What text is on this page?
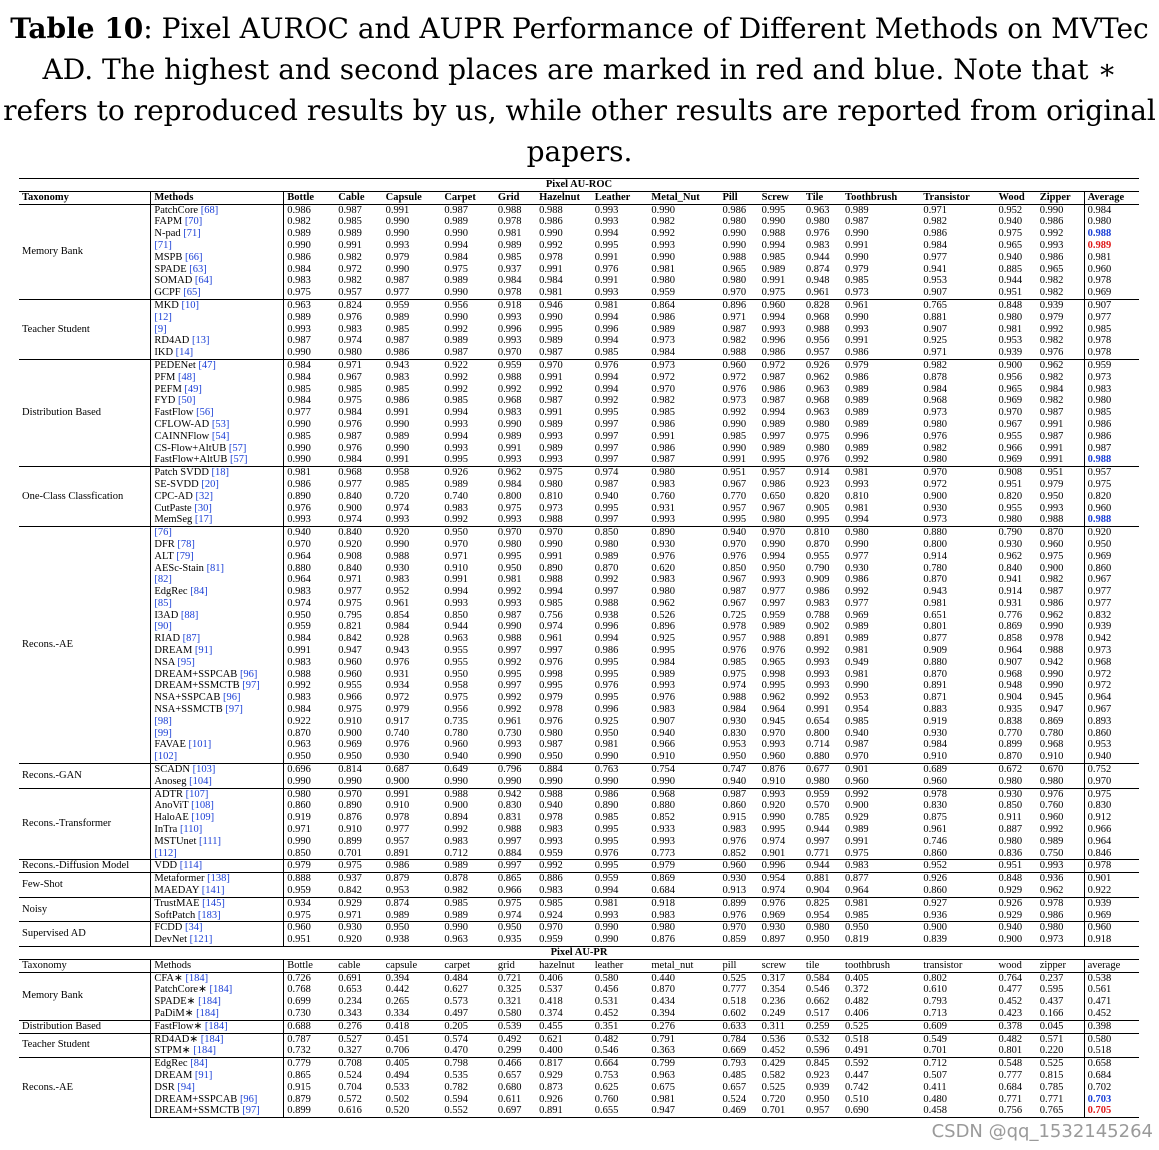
Table 10: Pixel AUROC and AUPR Performance of Different Methods on MVTec AD. The highest and second places are marked in red and blue. Note that ∗ refers to reproduced results by us, while other results are reported from original papers.
Pixel AU-ROC																	
Taxonomy	Methods	Bottle	Cable	Capsule	Carpet	Grid	Hazelnut	Leather	Metal_Nut	Pill	Screw	Tile	Toothbrush	Transistor	Wood	Zipper	Average
Memory Bank	PatchCore [68]	0.986	0.987	0.991	0.987	0.988	0.988	0.993	0.990	0.986	0.995	0.963	0.989	0.971	0.952	0.990	0.984
	FAPM [70]	0.982	0.985	0.990	0.989	0.978	0.986	0.993	0.982	0.980	0.990	0.980	0.987	0.982	0.940	0.986	0.980
	N-pad [71]	0.989	0.989	0.990	0.990	0.981	0.990	0.994	0.992	0.990	0.988	0.976	0.990	0.986	0.975	0.992	0.988
	[71]	0.990	0.991	0.993	0.994	0.989	0.992	0.995	0.993	0.990	0.994	0.983	0.991	0.984	0.965	0.993	0.989
	MSPB [66]	0.986	0.982	0.979	0.984	0.985	0.978	0.991	0.990	0.988	0.985	0.944	0.990	0.977	0.940	0.986	0.981
	SPADE [63]	0.984	0.972	0.990	0.975	0.937	0.991	0.976	0.981	0.965	0.989	0.874	0.979	0.941	0.885	0.965	0.960
	SOMAD [64]	0.983	0.982	0.987	0.989	0.984	0.984	0.991	0.980	0.980	0.991	0.948	0.985	0.953	0.944	0.982	0.978
	GCPF [65]	0.975	0.957	0.977	0.990	0.978	0.981	0.993	0.959	0.970	0.975	0.961	0.973	0.907	0.951	0.982	0.969
Teacher Student	MKD [10]	0.963	0.824	0.959	0.956	0.918	0.946	0.981	0.864	0.896	0.960	0.828	0.961	0.765	0.848	0.939	0.907
	[12]	0.989	0.976	0.989	0.990	0.993	0.990	0.994	0.986	0.971	0.994	0.968	0.990	0.881	0.980	0.979	0.977
	[9]	0.993	0.983	0.985	0.992	0.996	0.995	0.996	0.989	0.987	0.993	0.988	0.993	0.907	0.981	0.992	0.985
	RD4AD [13]	0.987	0.974	0.987	0.989	0.993	0.989	0.994	0.973	0.982	0.996	0.956	0.991	0.925	0.953	0.982	0.978
	IKD [14]	0.990	0.980	0.986	0.987	0.970	0.987	0.985	0.984	0.988	0.986	0.957	0.986	0.971	0.939	0.976	0.978
Distribution Based	PEDENet [47]	0.984	0.971	0.943	0.922	0.959	0.970	0.976	0.973	0.960	0.972	0.926	0.979	0.982	0.900	0.962	0.959
	PFM [48]	0.984	0.967	0.983	0.992	0.988	0.991	0.994	0.972	0.972	0.987	0.962	0.986	0.878	0.956	0.982	0.973
	PEFM [49]	0.985	0.985	0.985	0.992	0.992	0.992	0.994	0.970	0.976	0.986	0.963	0.989	0.984	0.965	0.984	0.983
	FYD [50]	0.984	0.975	0.986	0.985	0.968	0.987	0.992	0.982	0.973	0.987	0.968	0.989	0.968	0.969	0.982	0.980
	FastFlow [56]	0.977	0.984	0.991	0.994	0.983	0.991	0.995	0.985	0.992	0.994	0.963	0.989	0.973	0.970	0.987	0.985
	CFLOW-AD [53]	0.990	0.976	0.990	0.993	0.990	0.989	0.997	0.986	0.990	0.989	0.980	0.989	0.980	0.967	0.991	0.986
	CAINNFlow [54]	0.985	0.987	0.989	0.994	0.989	0.993	0.997	0.991	0.985	0.997	0.975	0.996	0.976	0.955	0.987	0.986
	CS-Flow+AltUB [57]	0.990	0.976	0.990	0.993	0.991	0.989	0.997	0.986	0.990	0.989	0.980	0.989	0.982	0.966	0.991	0.987
	FastFlow+AltUB [57]	0.990	0.984	0.991	0.995	0.993	0.993	0.997	0.987	0.991	0.995	0.976	0.992	0.980	0.969	0.991	0.988
One-Class Classfication	Patch SVDD [18]	0.981	0.968	0.958	0.926	0.962	0.975	0.974	0.980	0.951	0.957	0.914	0.981	0.970	0.908	0.951	0.957
	SE-SVDD [20]	0.986	0.977	0.985	0.989	0.984	0.980	0.987	0.983	0.967	0.986	0.923	0.993	0.972	0.951	0.979	0.975
	CPC-AD [32]	0.890	0.840	0.720	0.740	0.800	0.810	0.940	0.760	0.770	0.650	0.820	0.810	0.900	0.820	0.950	0.820
	CutPaste [30]	0.976	0.900	0.974	0.983	0.975	0.973	0.995	0.931	0.957	0.967	0.905	0.981	0.930	0.955	0.993	0.960
	MemSeg [17]	0.993	0.974	0.993	0.992	0.993	0.988	0.997	0.993	0.995	0.980	0.995	0.994	0.973	0.980	0.988	0.988
Recons.-AE	[76]	0.940	0.840	0.920	0.950	0.970	0.970	0.850	0.890	0.940	0.970	0.810	0.980	0.880	0.790	0.870	0.920
	DFR [78]	0.970	0.920	0.990	0.970	0.980	0.990	0.980	0.930	0.970	0.990	0.870	0.990	0.800	0.930	0.960	0.950
	ALT [79]	0.964	0.908	0.988	0.971	0.995	0.991	0.989	0.976	0.976	0.994	0.955	0.977	0.914	0.962	0.975	0.969
	AESc-Stain [81]	0.880	0.840	0.930	0.910	0.950	0.890	0.870	0.620	0.850	0.950	0.790	0.930	0.780	0.840	0.900	0.860
	[82]	0.964	0.971	0.983	0.991	0.981	0.988	0.992	0.983	0.967	0.993	0.909	0.986	0.870	0.941	0.982	0.967
	EdgRec [84]	0.983	0.977	0.952	0.994	0.992	0.994	0.997	0.980	0.987	0.977	0.986	0.992	0.943	0.914	0.987	0.977
	[85]	0.974	0.975	0.961	0.993	0.993	0.985	0.988	0.962	0.967	0.997	0.983	0.977	0.981	0.931	0.986	0.977
	I3AD [88]	0.950	0.795	0.854	0.850	0.987	0.756	0.938	0.526	0.725	0.959	0.788	0.969	0.651	0.776	0.962	0.832
	[90]	0.959	0.821	0.984	0.944	0.990	0.974	0.996	0.896	0.978	0.989	0.902	0.989	0.801	0.869	0.990	0.939
	RIAD [87]	0.984	0.842	0.928	0.963	0.988	0.961	0.994	0.925	0.957	0.988	0.891	0.989	0.877	0.858	0.978	0.942
	DREAM [91]	0.991	0.947	0.943	0.955	0.997	0.997	0.986	0.995	0.976	0.976	0.992	0.981	0.909	0.964	0.988	0.973
	NSA [95]	0.983	0.960	0.976	0.955	0.992	0.976	0.995	0.984	0.985	0.965	0.993	0.949	0.880	0.907	0.942	0.968
	DREAM+SSPCAB [96]	0.988	0.960	0.931	0.950	0.995	0.998	0.995	0.989	0.975	0.998	0.993	0.981	0.870	0.968	0.990	0.972
	DREAM+SSMCTB [97]	0.992	0.955	0.934	0.958	0.997	0.995	0.976	0.993	0.974	0.995	0.993	0.990	0.891	0.948	0.990	0.972
	NSA+SSPCAB [96]	0.983	0.966	0.972	0.975	0.992	0.979	0.995	0.976	0.988	0.962	0.992	0.953	0.871	0.904	0.945	0.964
	NSA+SSMCTB [97]	0.984	0.975	0.979	0.956	0.992	0.978	0.996	0.983	0.984	0.964	0.991	0.954	0.883	0.935	0.947	0.967
	[98]	0.922	0.910	0.917	0.735	0.961	0.976	0.925	0.907	0.930	0.945	0.654	0.985	0.919	0.838	0.869	0.893
	[99]	0.870	0.900	0.740	0.780	0.730	0.980	0.950	0.940	0.830	0.970	0.800	0.940	0.930	0.770	0.780	0.860
	FAVAE [101]	0.963	0.969	0.976	0.960	0.993	0.987	0.981	0.966	0.953	0.993	0.714	0.987	0.984	0.899	0.968	0.953
	[102]	0.950	0.950	0.930	0.940	0.990	0.950	0.990	0.910	0.950	0.960	0.880	0.970	0.910	0.870	0.910	0.940
Recons.-GAN	SCADN [103]	0.696	0.814	0.687	0.649	0.796	0.884	0.763	0.754	0.747	0.876	0.677	0.901	0.689	0.672	0.670	0.752
	Anoseg [104]	0.990	0.990	0.900	0.990	0.990	0.990	0.990	0.990	0.940	0.910	0.980	0.960	0.960	0.980	0.980	0.970
Recons.-Transformer	ADTR [107]	0.980	0.970	0.991	0.988	0.942	0.988	0.986	0.968	0.987	0.993	0.959	0.992	0.978	0.930	0.976	0.975
	AnoViT [108]	0.860	0.890	0.910	0.900	0.830	0.940	0.890	0.880	0.860	0.920	0.570	0.900	0.830	0.850	0.760	0.830
	HaloAE [109]	0.919	0.876	0.978	0.894	0.831	0.978	0.985	0.852	0.915	0.990	0.785	0.929	0.875	0.911	0.960	0.912
	InTra [110]	0.971	0.910	0.977	0.992	0.988	0.983	0.995	0.933	0.983	0.995	0.944	0.989	0.961	0.887	0.992	0.966
	MSTUnet [111]	0.990	0.899	0.957	0.983	0.997	0.993	0.995	0.993	0.976	0.974	0.997	0.991	0.746	0.980	0.989	0.964
	[112]	0.850	0.701	0.891	0.712	0.884	0.959	0.976	0.773	0.852	0.901	0.771	0.975	0.860	0.836	0.750	0.846
Recons.-Diffusion Model	VDD [114]	0.979	0.975	0.986	0.989	0.997	0.992	0.995	0.979	0.960	0.996	0.944	0.983	0.952	0.951	0.993	0.978
Few-Shot	Metaformer [138]	0.888	0.937	0.879	0.878	0.865	0.886	0.959	0.869	0.930	0.954	0.881	0.877	0.926	0.848	0.936	0.901
	MAEDAY [141]	0.959	0.842	0.953	0.982	0.966	0.983	0.994	0.684	0.913	0.974	0.904	0.964	0.860	0.929	0.962	0.922
Noisy	TrustMAE [145]	0.934	0.929	0.874	0.985	0.975	0.985	0.981	0.918	0.899	0.976	0.825	0.981	0.927	0.926	0.978	0.939
	SoftPatch [183]	0.975	0.971	0.989	0.989	0.974	0.924	0.993	0.983	0.976	0.969	0.954	0.985	0.936	0.929	0.986	0.969
Supervised AD	FCDD [34]	0.960	0.930	0.950	0.990	0.950	0.970	0.990	0.980	0.970	0.930	0.980	0.950	0.900	0.940	0.980	0.960
	DevNet [121]	0.951	0.920	0.938	0.963	0.935	0.959	0.990	0.876	0.859	0.897	0.950	0.819	0.839	0.900	0.973	0.918
Pixel AU-PR																	
Taxonomy	Methods	Bottle	cable	capsule	carpet	grid	hazelnut	leather	metal_nut	pill	screw	tile	toothbrush	transistor	wood	zipper	average
Memory Bank	CFA∗ [184]	0.726	0.691	0.394	0.484	0.721	0.406	0.580	0.440	0.525	0.317	0.584	0.405	0.802	0.764	0.237	0.538
	PatchCore∗ [184]	0.768	0.653	0.442	0.627	0.325	0.537	0.456	0.870	0.777	0.354	0.546	0.372	0.610	0.477	0.595	0.561
	SPADE∗ [184]	0.699	0.234	0.265	0.573	0.321	0.418	0.531	0.434	0.518	0.236	0.662	0.482	0.793	0.452	0.437	0.471
	PaDiM∗ [184]	0.730	0.343	0.334	0.497	0.580	0.374	0.452	0.394	0.602	0.249	0.517	0.406	0.713	0.423	0.166	0.452
Distribution Based	FastFlow∗ [184]	0.688	0.276	0.418	0.205	0.539	0.455	0.351	0.276	0.633	0.311	0.259	0.525	0.609	0.378	0.045	0.398
Teacher Student	RD4AD∗ [184]	0.787	0.527	0.451	0.574	0.492	0.621	0.482	0.791	0.784	0.536	0.532	0.518	0.549	0.482	0.571	0.580
	STPM∗ [184]	0.732	0.327	0.706	0.470	0.299	0.400	0.546	0.363	0.669	0.452	0.596	0.491	0.701	0.801	0.220	0.518
Recons.-AE	EdgRec [84]	0.779	0.708	0.405	0.798	0.466	0.817	0.664	0.799	0.793	0.429	0.845	0.592	0.712	0.548	0.525	0.658
	DREAM [91]	0.865	0.524	0.494	0.535	0.657	0.929	0.753	0.963	0.485	0.582	0.923	0.447	0.507	0.777	0.815	0.684
	DSR [94]	0.915	0.704	0.533	0.782	0.680	0.873	0.625	0.675	0.657	0.525	0.939	0.742	0.411	0.684	0.785	0.702
	DREAM+SSPCAB [96]	0.879	0.572	0.502	0.594	0.611	0.926	0.760	0.981	0.524	0.720	0.950	0.510	0.480	0.771	0.771	0.703
	DREAM+SSMCTB [97]	0.899	0.616	0.520	0.552	0.697	0.891	0.655	0.947	0.469	0.701	0.957	0.690	0.458	0.756	0.765	0.705
CSDN @qq_1532145264
